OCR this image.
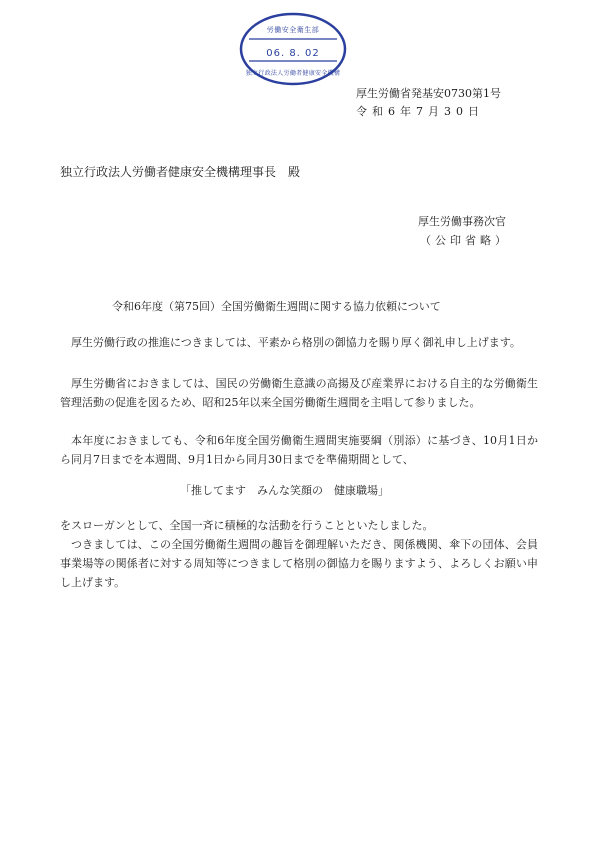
労働安全衛生部
06. 8. 02
独立行政法人労働者健康安全機構
厚生労働省発基安0730第1号
令和6年7月30日
独立行政法人労働者健康安全機構理事長　殿
厚生労働事務次官
（公印省略）
令和6年度（第75回）全国労働衛生週間に関する協力依頼について

厚生労働行政の推進につきましては、平素から格別の御協力を賜り厚く御礼申し上げます。

厚生労働省におきましては、国民の労働衛生意識の高揚及び産業界における自主的な労働衛生管理活動の促進を図るため、昭和25年以来全国労働衛生週間を主唱して参りました。

本年度におきましても、令和6年度全国労働衛生週間実施要綱（別添）に基づき、10月1日から同月7日までを本週間、9月1日から同月30日までを準備期間として、

「推してます　みんな笑顔の　健康職場」

をスローガンとして、全国一斉に積極的な活動を行うことといたしました。

つきましては、この全国労働衛生週間の趣旨を御理解いただき、関係機関、傘下の団体、会員事業場等の関係者に対する周知等につきまして格別の御協力を賜りますよう、よろしくお願い申し上げます。
